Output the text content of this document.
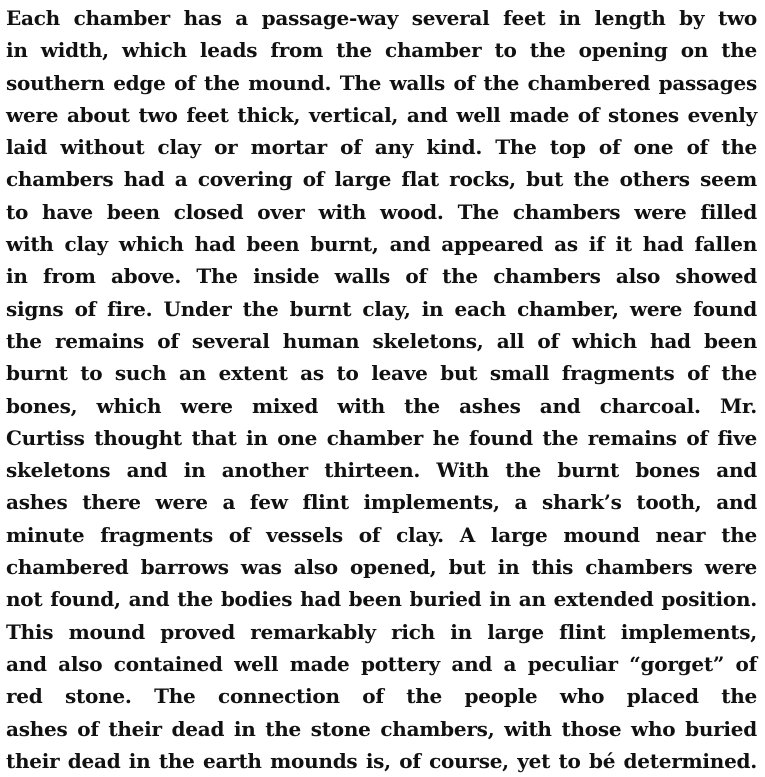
Each chamber has a passage-way several feet in length by two
in width, which leads from the chamber to the opening on the
southern edge of the mound. The walls of the chambered passages
were about two feet thick, vertical, and well made of stones evenly
laid without clay or mortar of any kind. The top of one of the
chambers had a covering of large flat rocks, but the others seem
to have been closed over with wood. The chambers were filled
with clay which had been burnt, and appeared as if it had fallen
in from above. The inside walls of the chambers also showed
signs of fire. Under the burnt clay, in each chamber, were found
the remains of several human skeletons, all of which had been
burnt to such an extent as to leave but small fragments of the
bones, which were mixed with the ashes and charcoal. Mr.
Curtiss thought that in one chamber he found the remains of five
skeletons and in another thirteen. With the burnt bones and
ashes there were a few flint implements, a shark’s tooth, and
minute fragments of vessels of clay. A large mound near the
chambered barrows was also opened, but in this chambers were
not found, and the bodies had been buried in an extended position.
This mound proved remarkably rich in large flint implements,
and also contained well made pottery and a peculiar “gorget” of
red stone. The connection of the people who placed the
ashes of their dead in the stone chambers, with those who buried
their dead in the earth mounds is, of course, yet to bé determined.
